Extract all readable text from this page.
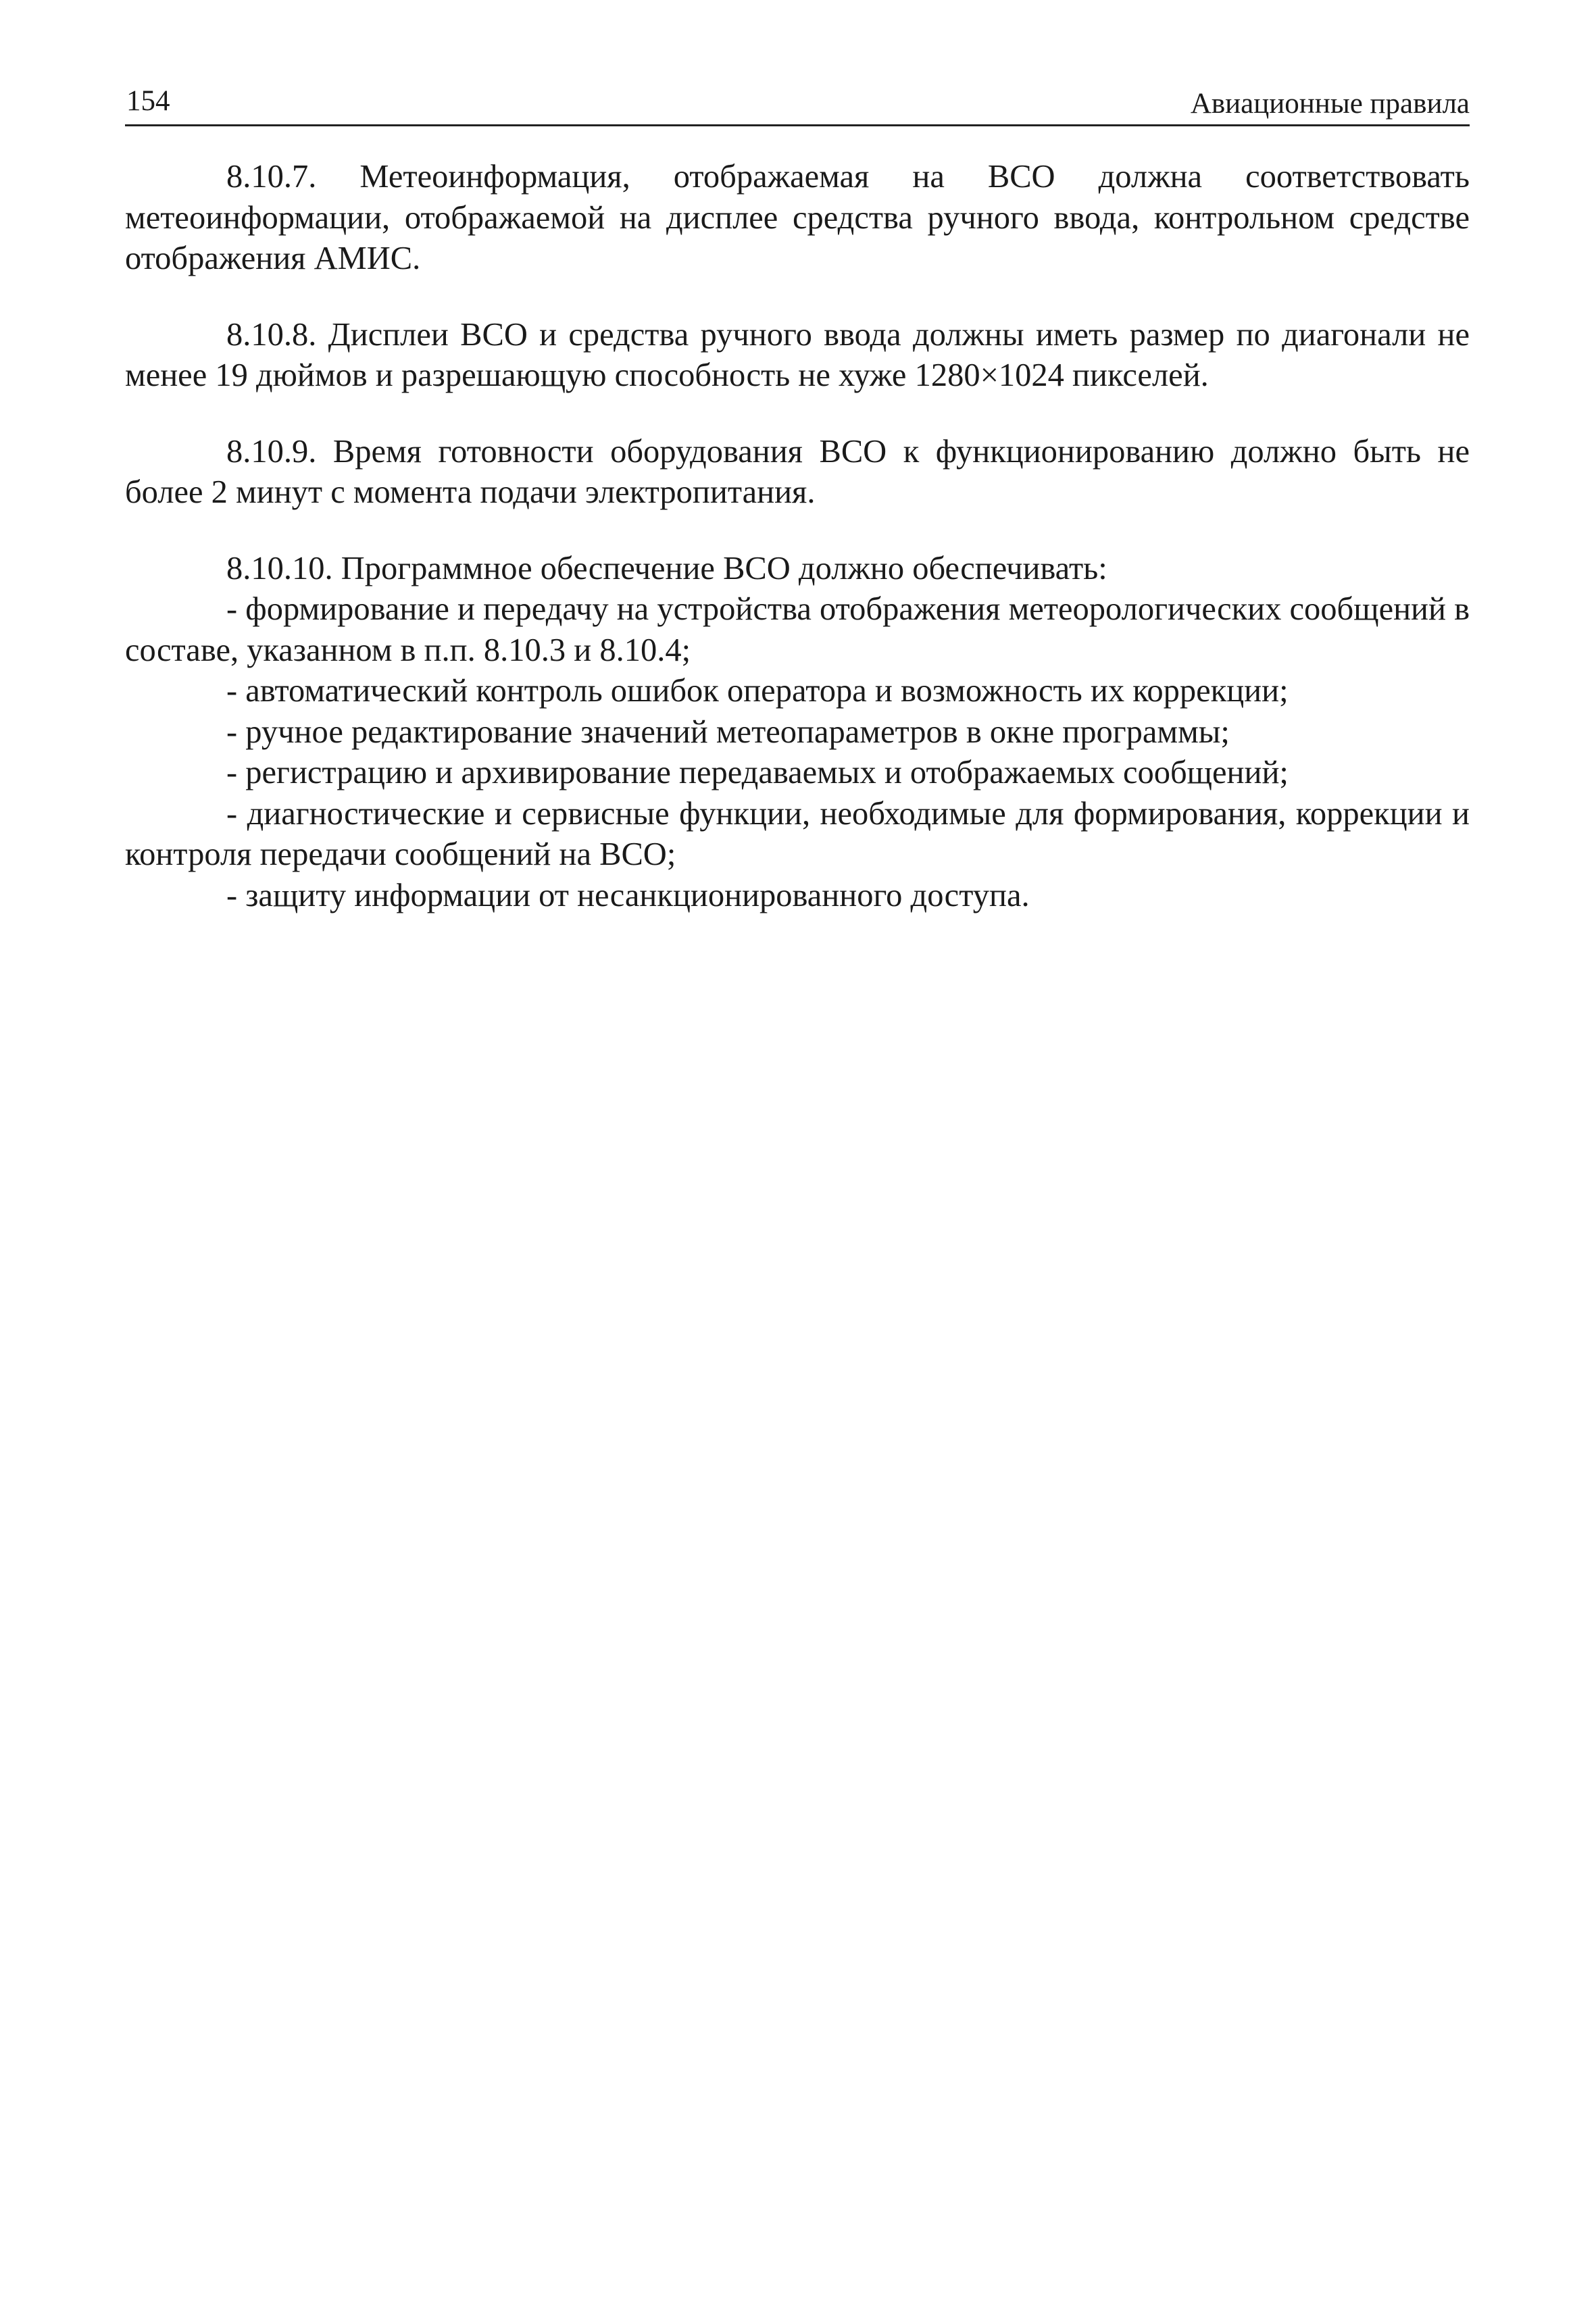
154	Авиационные правила

8.10.7. Метеоинформация, отображаемая на ВСО должна соответствовать метеоинформации, отображаемой на дисплее средства ручного ввода, контрольном средстве отображения АМИС.

8.10.8. Дисплеи ВСО и средства ручного ввода должны иметь размер по диагонали не менее 19 дюймов и разрешающую способность не хуже 1280×1024 пикселей.

8.10.9. Время готовности оборудования ВСО к функционированию должно быть не более 2 минут с момента подачи электропитания.

8.10.10. Программное обеспечение ВСО должно обеспечивать:

- формирование и передачу на устройства отображения метеорологических сообщений в составе, указанном в п.п. 8.10.3 и 8.10.4;
- автоматический контроль ошибок оператора и возможность их коррекции;
- ручное редактирование значений метеопараметров в окне программы;
- регистрацию и архивирование передаваемых и отображаемых сообщений;
- диагностические и сервисные функции, необходимые для формирования, коррекции и контроля передачи сообщений на ВСО;
- защиту информации от несанкционированного доступа.
